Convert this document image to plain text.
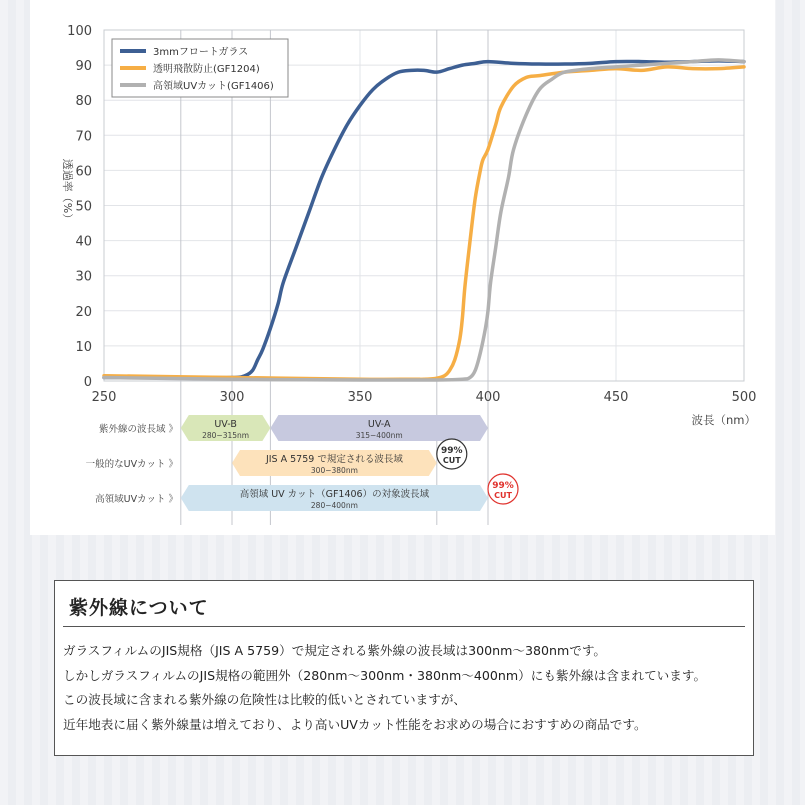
0
10
20
30
40
50
60
70
80
90
100
250	300	350	400	450	500
波長（nm）
透過率（%）
3mmフロートガラス
透明飛散防止(GF1204)
高領域UVカット(GF1406)
紫外線の波長域 》	UV-B
280−315nm
UV-A
315−400nm
一般的なUVカット 》	JIS A 5759 で規定される波長域
300−380nm
99%
CUT
高領域UVカット 》	高領域 UV カット（GF1406）の対象波長域
280−400nm
99%
CUT
紫外線について
ガラスフィルムのJIS規格（JIS A 5759）で規定される紫外線の波長域は300nm〜380nmです。
しかしガラスフィルムのJIS規格の範囲外（280nm〜300nm・380nm〜400nm）にも紫外線は含まれています。
この波長域に含まれる紫外線の危険性は比較的低いとされていますが、
近年地表に届く紫外線量は増えており、より高いUVカット性能をお求めの場合におすすめの商品です。
